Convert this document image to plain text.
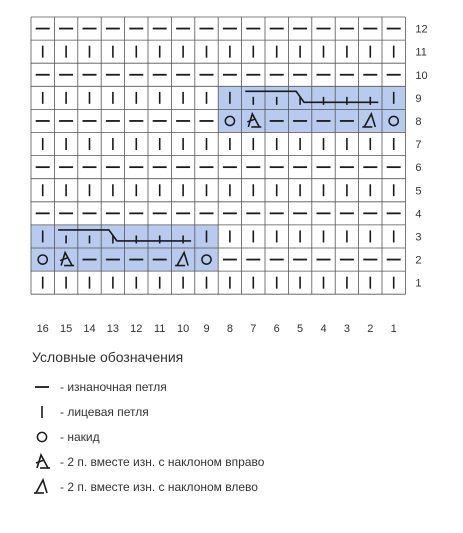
1
2
3
4
5
6
7
8
9
10
11
12
16 15 14 13 12 11 10 9 8 7 6 5 4 3 2 1
Условные обозначения
- изнаночная петля
- лицевая петля
- накид
- 2 п. вместе изн. с наклоном вправо
- 2 п. вместе изн. с наклоном влево
